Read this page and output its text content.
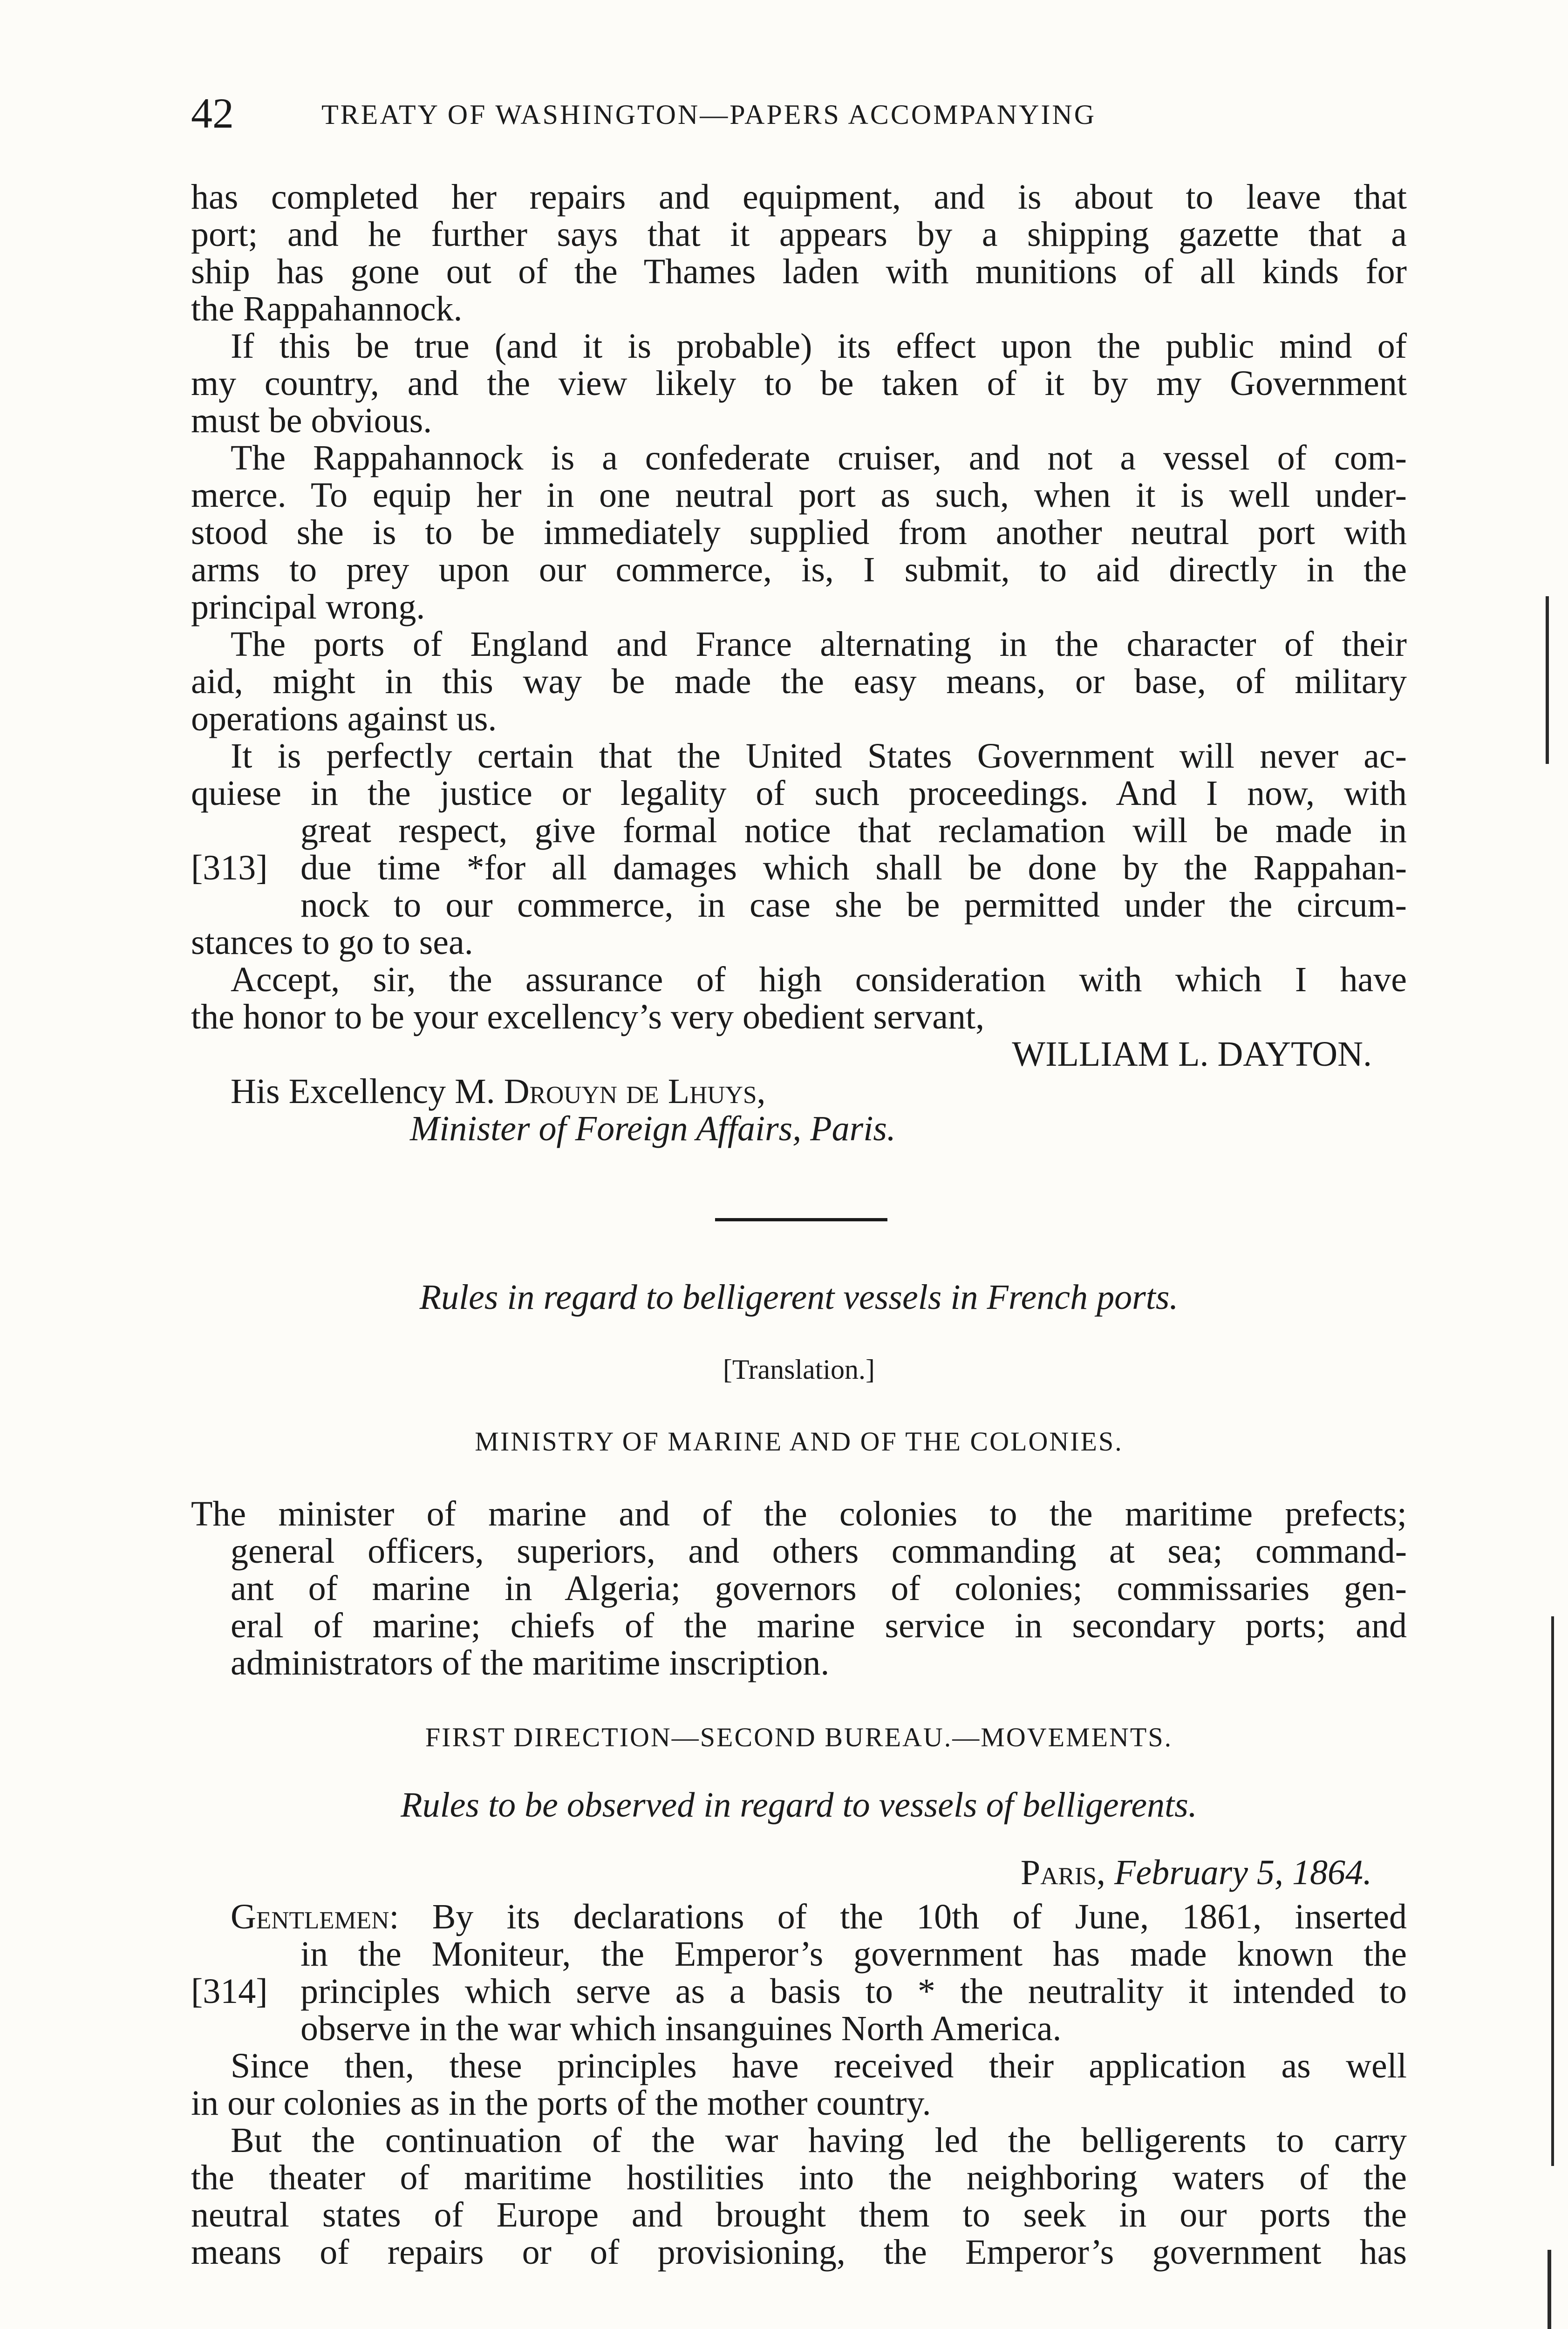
42	TREATY OF WASHINGTON—PAPERS ACCOMPANYING
has completed her repairs and equipment, and is about to leave that
port; and he further says that it appears by a shipping gazette that a
ship has gone out of the Thames laden with munitions of all kinds for
the Rappahannock.
If this be true (and it is probable) its effect upon the public mind of
my country, and the view likely to be taken of it by my Government
must be obvious.
The Rappahannock is a confederate cruiser, and not a vessel of com-
merce. To equip her in one neutral port as such, when it is well under-
stood she is to be immediately supplied from another neutral port with
arms to prey upon our commerce, is, I submit, to aid directly in the
principal wrong.
The ports of England and France alternating in the character of their
aid, might in this way be made the easy means, or base, of military
operations against us.
It is perfectly certain that the United States Government will never ac-
quiese in the justice or legality of such proceedings. And I now, with
great respect, give formal notice that reclamation will be made in
[313] due time *for all damages which shall be done by the Rappahan-
nock to our commerce, in case she be permitted under the circum-
stances to go to sea.
Accept, sir, the assurance of high consideration with which I have
the honor to be your excellency’s very obedient servant,
WILLIAM L. DAYTON.
His Excellency M. Drouyn de Lhuys,
Minister of Foreign Affairs, Paris.
Rules in regard to belligerent vessels in French ports.
[Translation.]
MINISTRY OF MARINE AND OF THE COLONIES.
The minister of marine and of the colonies to the maritime prefects;
general officers, superiors, and others commanding at sea; command-
ant of marine in Algeria; governors of colonies; commissaries gen-
eral of marine; chiefs of the marine service in secondary ports; and
administrators of the maritime inscription.
FIRST DIRECTION—SECOND BUREAU.—MOVEMENTS.
Rules to be observed in regard to vessels of belligerents.
Paris, February 5, 1864.
Gentlemen: By its declarations of the 10th of June, 1861, inserted
in the Moniteur, the Emperor’s government has made known the
[314] principles which serve as a basis to * the neutrality it intended to
observe in the war which insanguines North America.
Since then, these principles have received their application as well
in our colonies as in the ports of the mother country.
But the continuation of the war having led the belligerents to carry
the theater of maritime hostilities into the neighboring waters of the
neutral states of Europe and brought them to seek in our ports the
means of repairs or of provisioning, the Emperor’s government has
